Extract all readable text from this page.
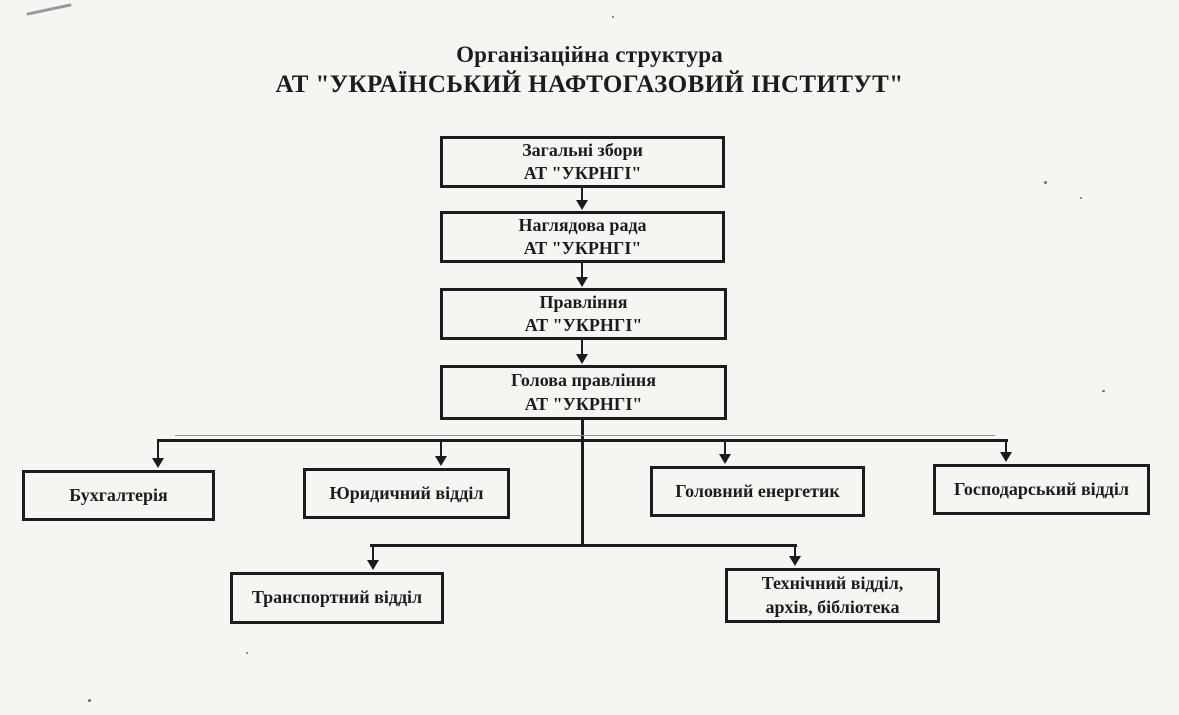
Організаційна структура
АТ "УКРАЇНСЬКИЙ НАФТОГАЗОВИЙ ІНСТИТУТ"
Загальні збори
АТ "УКРНГІ"
Наглядова рада
АТ "УКРНГІ"
Правління
АТ "УКРНГІ"
Голова правління
АТ "УКРНГІ"
Бухгалтерія	Юридичний відділ	Головний енергетик	Господарський відділ
Транспортний відділ
Технічний відділ,
архів, бібліотека
